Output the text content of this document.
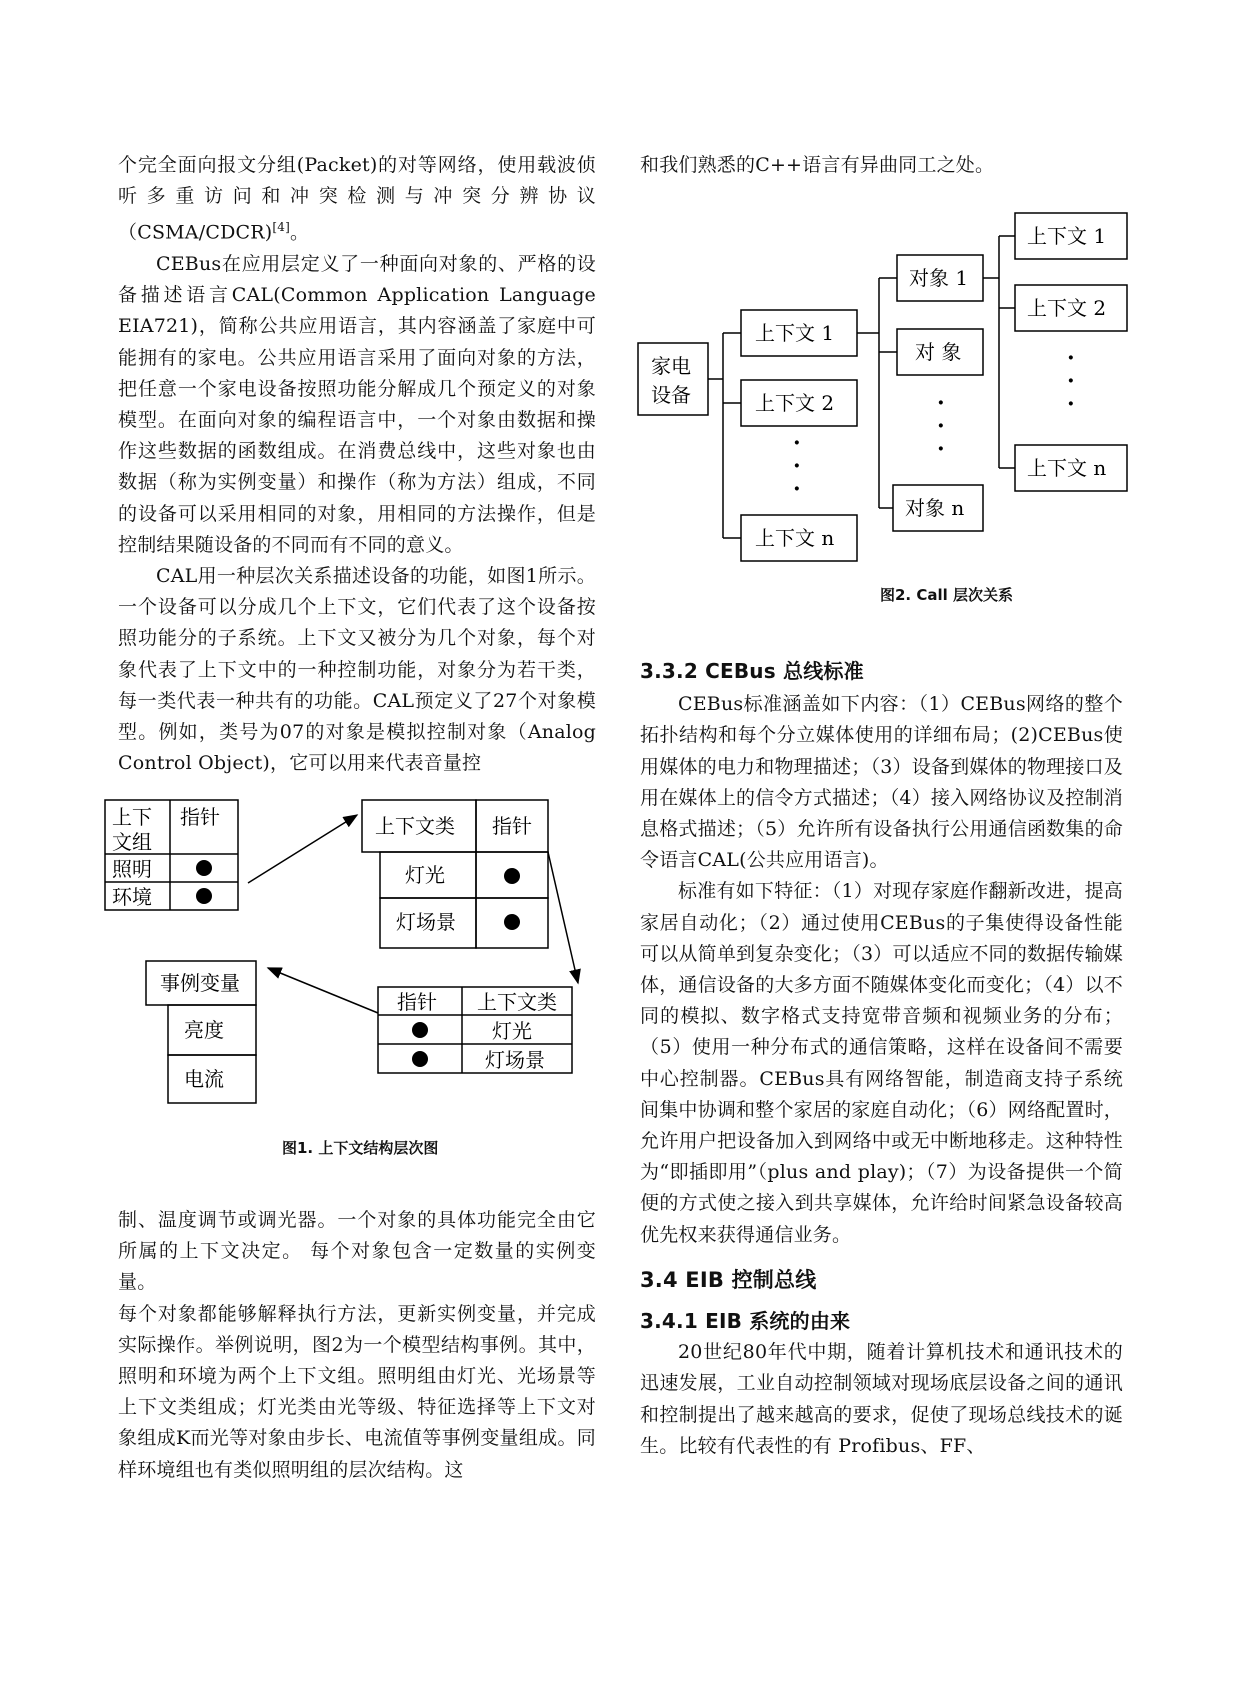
个完全面向报文分组(Packet)的对等网络，使用载波侦听多重访问和冲突检测与冲突分辨协议（CSMA/CDCR)[4]。

CEBus在应用层定义了一种面向对象的、严格的设备描述语言CAL(Common Application Language EIA721)，简称公共应用语言，其内容涵盖了家庭中可能拥有的家电。公共应用语言采用了面向对象的方法，把任意一个家电设备按照功能分解成几个预定义的对象模型。在面向对象的编程语言中，一个对象由数据和操作这些数据的函数组成。在消费总线中，这些对象也由数据（称为实例变量）和操作（称为方法）组成，不同的设备可以采用相同的对象，用相同的方法操作，但是控制结果随设备的不同而有不同的意义。

CAL用一种层次关系描述设备的功能，如图1所示。一个设备可以分成几个上下文，它们代表了这个设备按照功能分的子系统。上下文又被分为几个对象，每个对象代表了上下文中的一种控制功能，对象分为若干类，每一类代表一种共有的功能。CAL预定义了27个对象模型。例如，类号为07的对象是模拟控制对象（Analog Control Object)，它可以用来代表音量控

上下
文组
指针
照明
环境
上下文类 指针
灯光
灯场景
指针 上下文类
灯光
灯场景
事例变量
亮度
电流
图1. 上下文结构层次图

制、温度调节或调光器。一个对象的具体功能完全由它所属的上下文决定。 每个对象包含一定数量的实例变量。

每个对象都能够解释执行方法，更新实例变量，并完成实际操作。举例说明，图2为一个模型结构事例。其中，照明和环境为两个上下文组。照明组由灯光、光场景等上下文类组成；灯光类由光等级、特征选择等上下文对象组成K而光等对象由步长、电流值等事例变量组成。同样环境组也有类似照明组的层次结构。这

和我们熟悉的C++语言有异曲同工之处。

家电
设备
上下文 1
上下文 2
上下文 n
对象 1
对 象
对象 n
上下文 1
上下文 2
上下文 n
·
·
·
·
·
·
·
·
·
图2. Call 层次关系

3.3.2 CEBus 总线标准

CEBus标准涵盖如下内容：（1）CEBus网络的整个拓扑结构和每个分立媒体使用的详细布局；(2)CEBus使用媒体的电力和物理描述；（3）设备到媒体的物理接口及用在媒体上的信令方式描述；（4）接入网络协议及控制消息格式描述；（5）允许所有设备执行公用通信函数集的命令语言CAL(公共应用语言)。

标准有如下特征：（1）对现存家庭作翻新改进，提高家居自动化；（2）通过使用CEBus的子集使得设备性能可以从简单到复杂变化；（3）可以适应不同的数据传输媒体，通信设备的大多方面不随媒体变化而变化；（4）以不同的模拟、数字格式支持宽带音频和视频业务的分布；（5）使用一种分布式的通信策略，这样在设备间不需要中心控制器。CEBus具有网络智能，制造商支持子系统间集中协调和整个家居的家庭自动化；（6）网络配置时，允许用户把设备加入到网络中或无中断地移走。这种特性为“即插即用”（plus and play)；（7）为设备提供一个简便的方式使之接入到共享媒体，允许给时间紧急设备较高优先权来获得通信业务。

3.4 EIB 控制总线

3.4.1 EIB 系统的由来

20世纪80年代中期，随着计算机技术和通讯技术的迅速发展，工业自动控制领域对现场底层设备之间的通讯和控制提出了越来越高的要求，促使了现场总线技术的诞生。比较有代表性的有 Profibus、FF、
